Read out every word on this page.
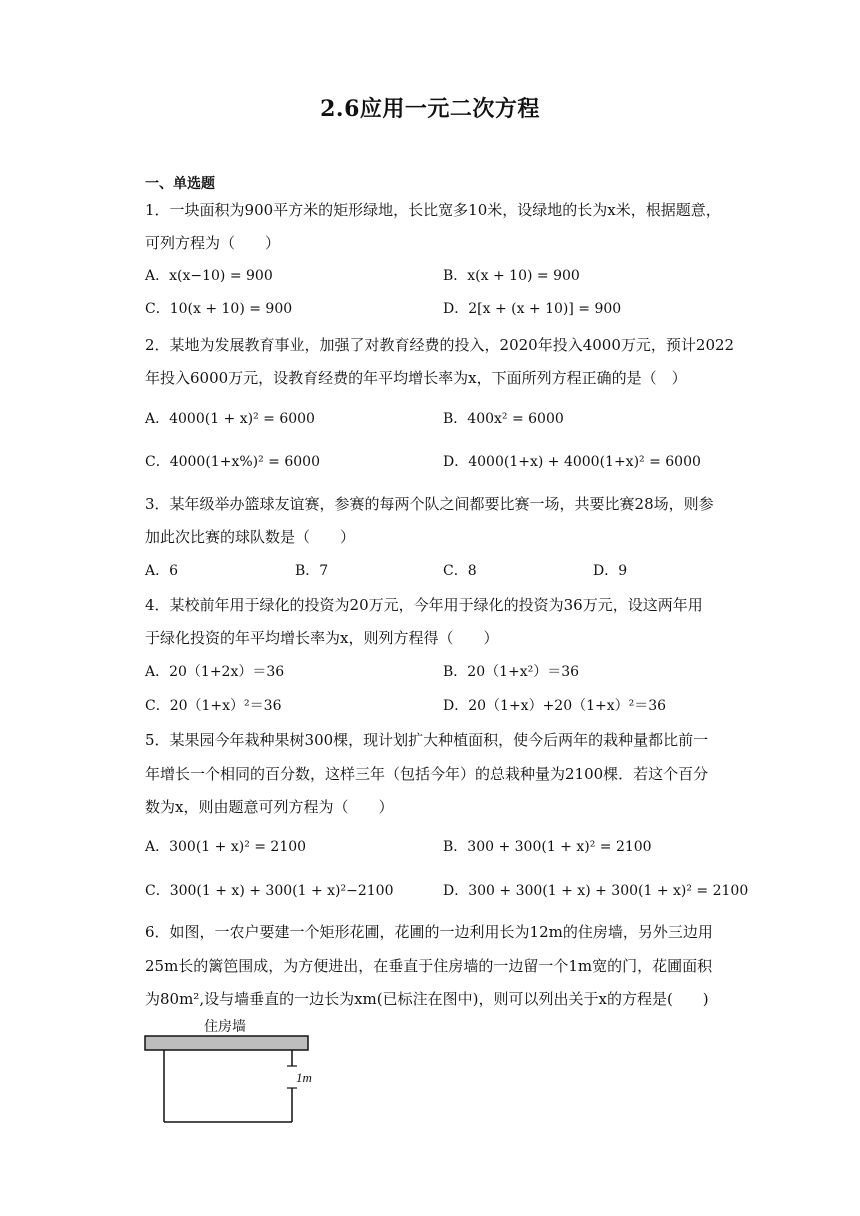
2.6应用一元二次方程
一、单选题
1．一块面积为900平方米的矩形绿地，长比宽多10米，设绿地的长为x米，根据题意，
可列方程为（　　）
A．x(x−10) = 900	B．x(x + 10) = 900
C．10(x + 10) = 900	D．2[x + (x + 10)] = 900
2．某地为发展教育事业，加强了对教育经费的投入，2020年投入4000万元，预计2022
年投入6000万元，设教育经费的年平均增长率为x，下面所列方程正确的是（　）
A．4000(1 + x)² = 6000	B．400x² = 6000
C．4000(1+x%)² = 6000	D．4000(1+x) + 4000(1+x)² = 6000
3．某年级举办篮球友谊赛，参赛的每两个队之间都要比赛一场，共要比赛28场，则参
加此次比赛的球队数是（　　）
A．6	B．7	C．8	D．9
4．某校前年用于绿化的投资为20万元，今年用于绿化的投资为36万元，设这两年用
于绿化投资的年平均增长率为x，则列方程得（　　）
A．20（1+2x）＝36	B．20（1+x²）＝36
C．20（1+x）²＝36	D．20（1+x）+20（1+x）²＝36
5．某果园今年栽种果树300棵，现计划扩大种植面积，使今后两年的栽种量都比前一
年增长一个相同的百分数，这样三年（包括今年）的总栽种量为2100棵．若这个百分
数为x，则由题意可列方程为（　　）
A．300(1 + x)² = 2100	B．300 + 300(1 + x)² = 2100
C．300(1 + x) + 300(1 + x)²−2100	D．300 + 300(1 + x) + 300(1 + x)² = 2100
6．如图，一农户要建一个矩形花圃，花圃的一边利用长为12m的住房墙，另外三边用
25m长的篱笆围成，为方便进出，在垂直于住房墙的一边留一个1m宽的门，花圃面积
为80m²,设与墙垂直的一边长为xm(已标注在图中)，则可以列出关于x的方程是(　　)
住房墙
1m
